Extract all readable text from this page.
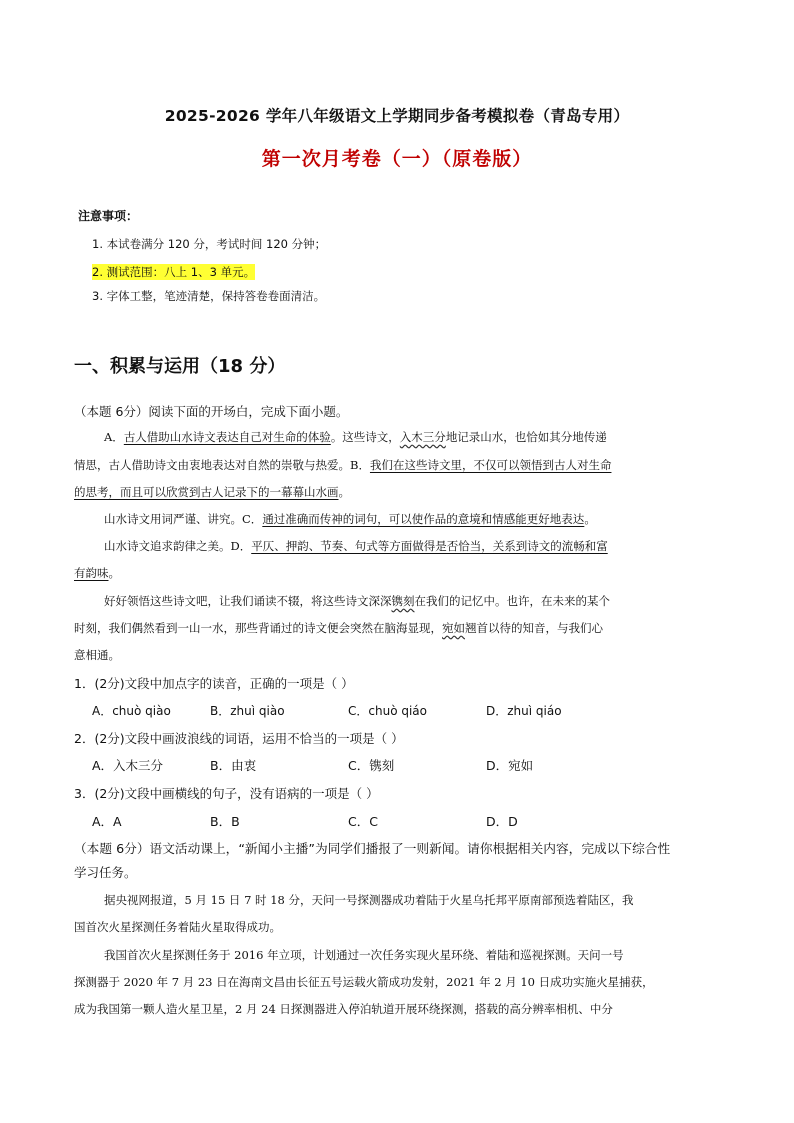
2025-2026 学年八年级语文上学期同步备考模拟卷（青岛专用）
第一次月考卷（一）（原卷版）
注意事项：
1. 本试卷满分 120 分，考试时间 120 分钟；
2. 测试范围：八上 1、3 单元。
3. 字体工整，笔迹清楚，保持答卷卷面清洁。
一、积累与运用（18 分）
（本题 6分）阅读下面的开场白，完成下面小题。
A．古人借助山水诗文表达自己对生命的体验。这些诗文，入木三分地记录山水，也恰如其分地传递
情思，古人借助诗文由衷地表达对自然的崇敬与热爱。B．我们在这些诗文里，不仅可以领悟到古人对生命
的思考，而且可以欣赏到古人记录下的一幕幕山水画。
山水诗文用词严谨、讲究。C．通过准确而传神的词句，可以使作品的意境和情感能更好地表达。
山水诗文追求韵律之美。D．平仄、押韵、节奏、句式等方面做得是否恰当，关系到诗文的流畅和富
有韵味。
好好领悟这些诗文吧，让我们诵读不辍，将这些诗文深深镌刻在我们的记忆中。也许，在未来的某个
时刻，我们偶然看到一山一水，那些背诵过的诗文便会突然在脑海显现，宛如翘首以待的知音，与我们心
意相通。
1．(2分)文段中加点字的读音，正确的一项是（ ）
A．chuò qiào	B．zhuì qiào	C．chuò qiáo	D．zhuì qiáo
2．(2分)文段中画波浪线的词语，运用不恰当的一项是（ ）
A．入木三分	B．由衷	C．镌刻	D．宛如
3．(2分)文段中画横线的句子，没有语病的一项是（ ）
A．A	B．B	C．C	D．D
（本题 6分）语文活动课上，“新闻小主播”为同学们播报了一则新闻。请你根据相关内容，完成以下综合性
学习任务。
据央视网报道，5 月 15 日 7 时 18 分，天问一号探测器成功着陆于火星乌托邦平原南部预选着陆区，我
国首次火星探测任务着陆火星取得成功。
我国首次火星探测任务于 2016 年立项，计划通过一次任务实现火星环绕、着陆和巡视探测。天问一号
探测器于 2020 年 7 月 23 日在海南文昌由长征五号运载火箭成功发射，2021 年 2 月 10 日成功实施火星捕获，
成为我国第一颗人造火星卫星，2 月 24 日探测器进入停泊轨道开展环绕探测，搭载的高分辨率相机、中分
